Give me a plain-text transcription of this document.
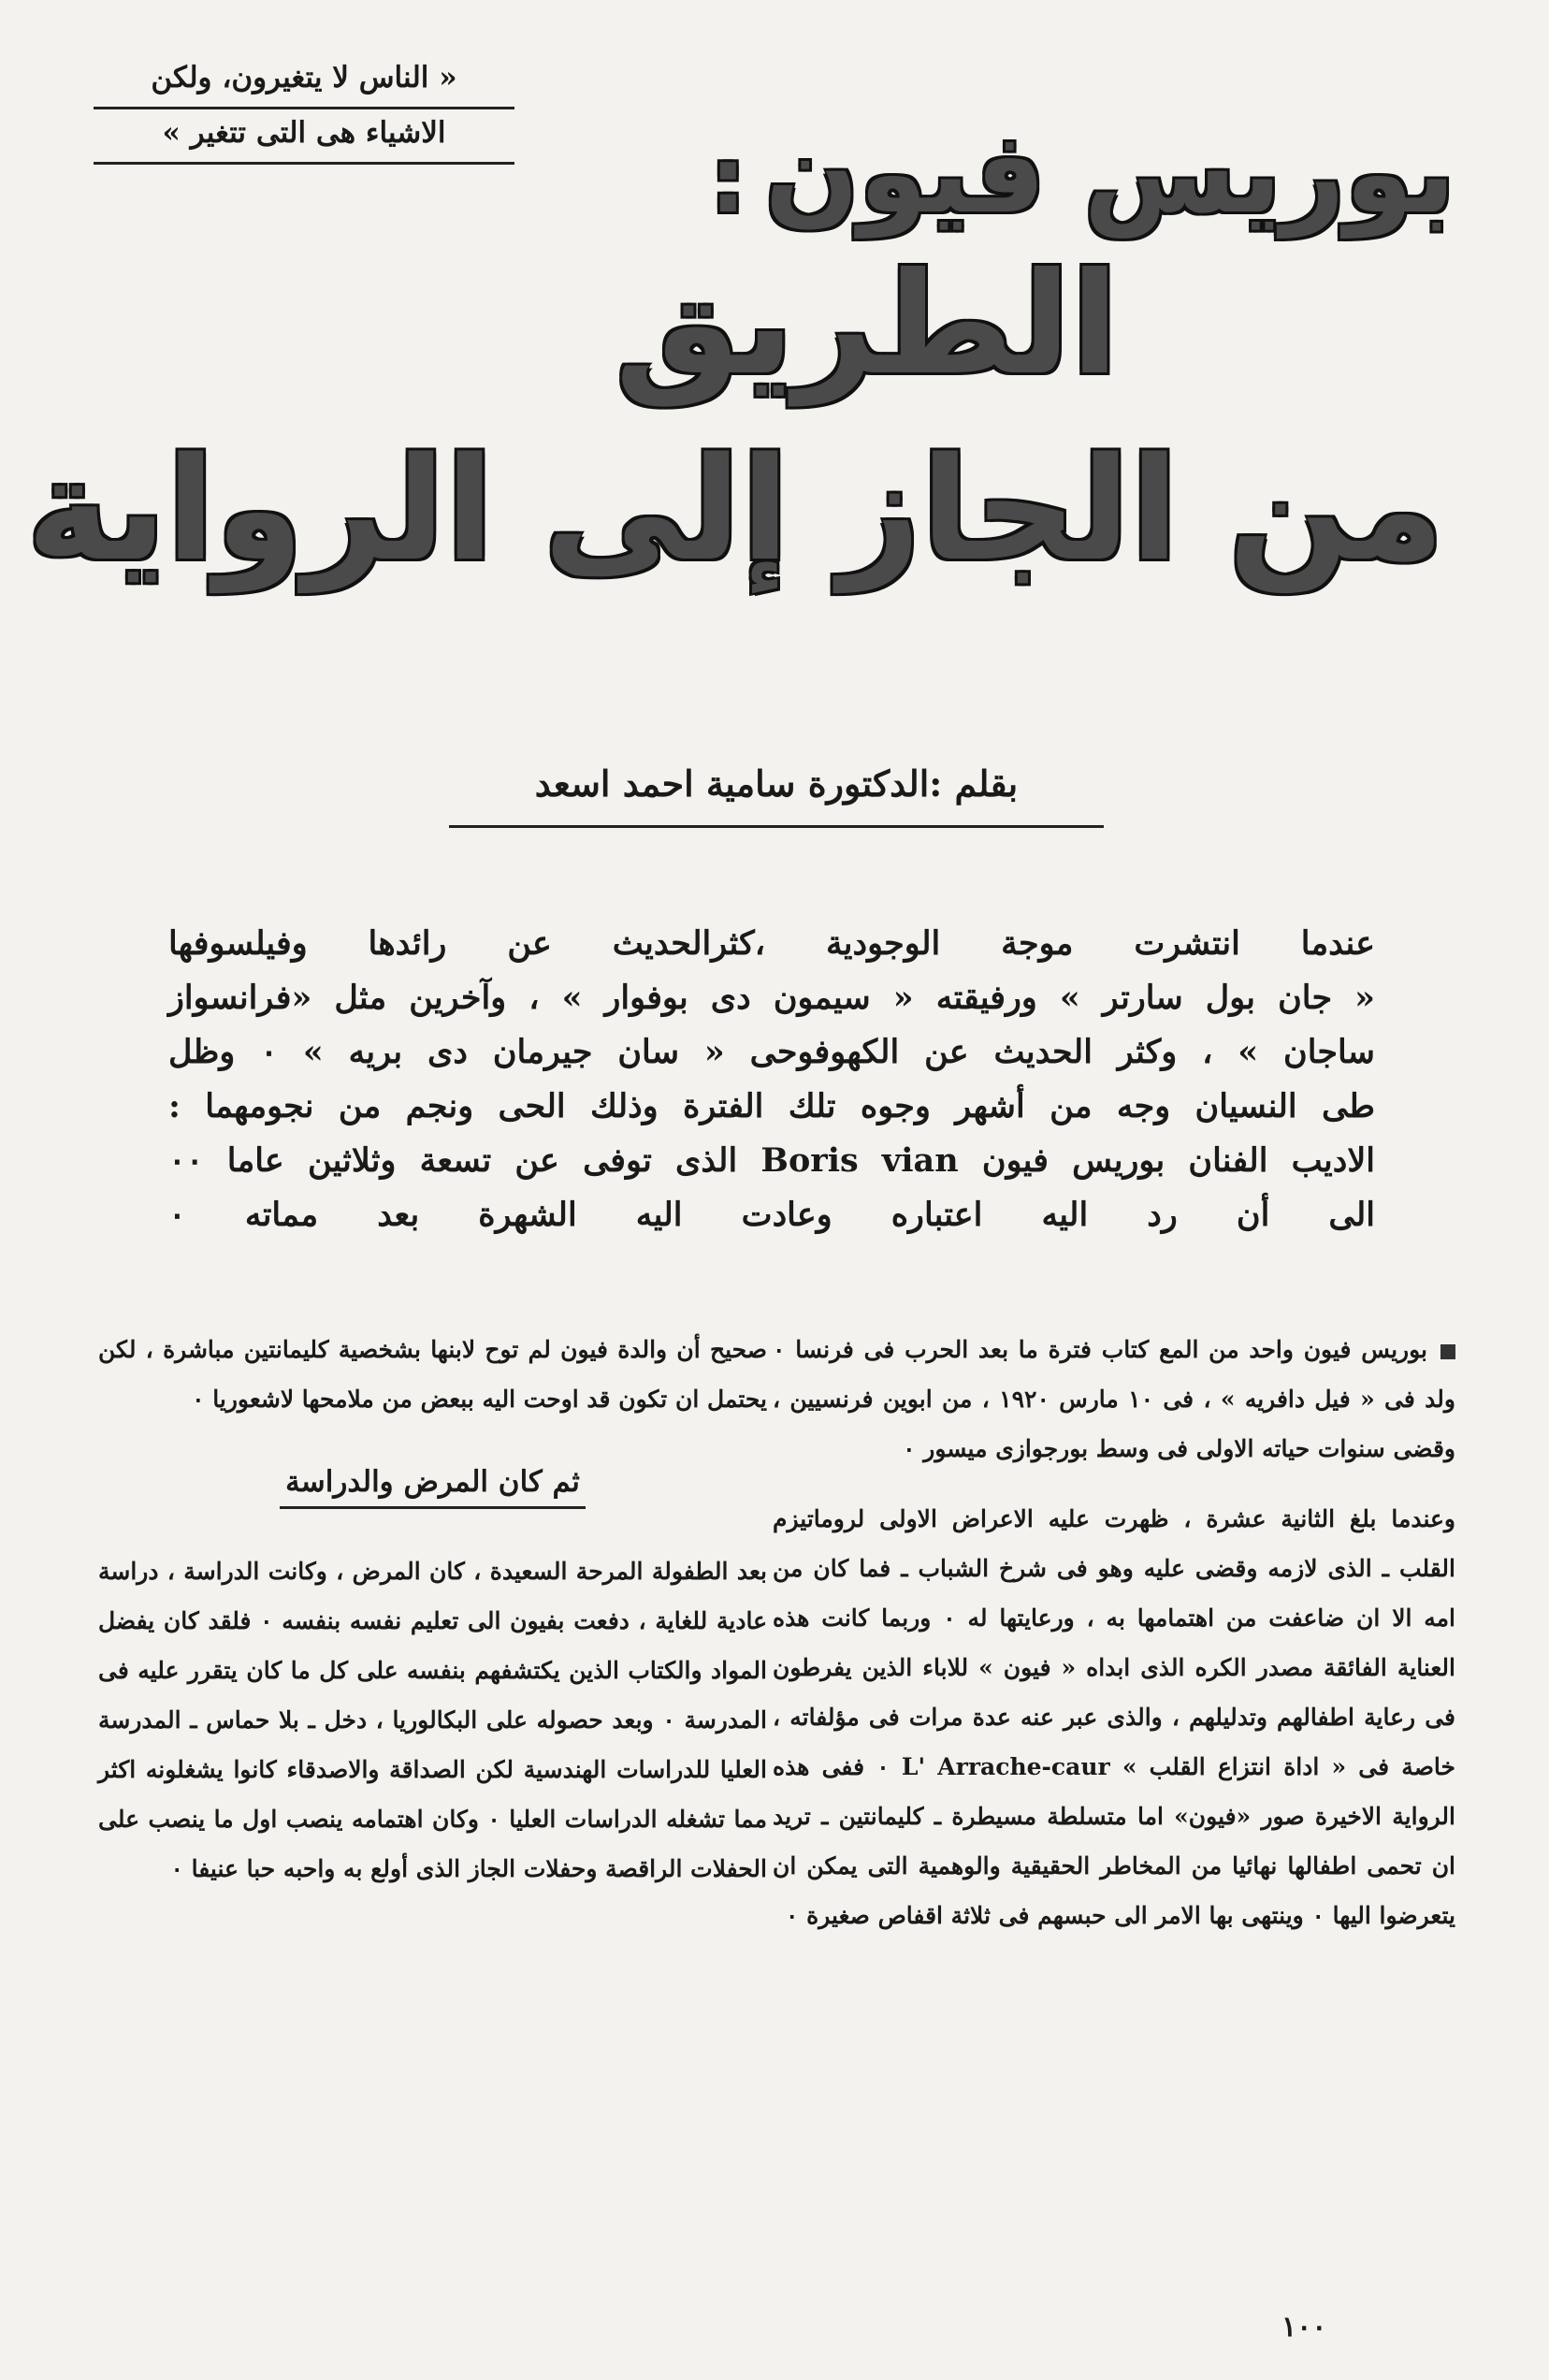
« الناس لا يتغيرون، ولكن
الاشياء هى التى تتغير »	بوريس فيون:
الطريق
من الجاز إلى الرواية
بقلم :الدكتورة سامية احمد اسعد
عندما انتشرت موجة الوجودية ،كثرالحديث عن رائدها وفيلسوفها
« جان بول سارتر » ورفيقته « سيمون دى بوفوار » ، وآخرين مثل «فرانسواز
ساجان » ، وكثر الحديث عن الكهوفوحى « سان جيرمان دى بريه » ٠ وظل
طى النسيان وجه من أشهر وجوه تلك الفترة وذلك الحى ونجم من نجومهما :
الاديب الفنان بوريس فيون Boris vian الذى توفى عن تسعة وثلاثين عاما ٠٠
الى أن رد اليه اعتباره وعادت اليه الشهرة بعد مماته ٠

بوريس فيون واحد من المع كتاب فترة ما بعد الحرب فى فرنسا ٠ ولد فى « فيل دافريه » ، فى ١٠ مارس ١٩٢٠ ، من ابوين فرنسيين ، وقضى سنوات حياته الاولى فى وسط بورجوازى ميسور ٠

وعندما بلغ الثانية عشرة ، ظهرت عليه الاعراض الاولى لروماتيزم القلب ـ الذى لازمه وقضى عليه وهو فى شرخ الشباب ـ فما كان من امه الا ان ضاعفت من اهتمامها به ، ورعايتها له ٠ وربما كانت هذه العناية الفائقة مصدر الكره الذى ابداه « فيون » للاباء الذين يفرطون فى رعاية اطفالهم وتدليلهم ، والذى عبر عنه عدة مرات فى مؤلفاته ، خاصة فى « اداة انتزاع القلب » L' Arrache-caur ٠ ففى هذه الرواية الاخيرة صور «فيون» اما متسلطة مسيطرة ـ كليمانتين ـ تريد ان تحمى اطفالها نهائيا من المخاطر الحقيقية والوهمية التى يمكن ان يتعرضوا اليها ٠ وينتهى بها الامر الى حبسهم فى ثلاثة اقفاص صغيرة ٠

صحيح أن والدة فيون لم توح لابنها بشخصية كليمانتين مباشرة ، لكن يحتمل ان تكون قد اوحت اليه ببعض من ملامحها لاشعوريا ٠

ثم كان المرض والدراسة

بعد الطفولة المرحة السعيدة ، كان المرض ، وكانت الدراسة ، دراسة عادية للغاية ، دفعت بفيون الى تعليم نفسه بنفسه ٠ فلقد كان يفضل المواد والكتاب الذين يكتشفهم بنفسه على كل ما كان يتقرر عليه فى المدرسة ٠ وبعد حصوله على البكالوريا ، دخل ـ بلا حماس ـ المدرسة العليا للدراسات الهندسية لكن الصداقة والاصدقاء كانوا يشغلونه اكثر مما تشغله الدراسات العليا ٠ وكان اهتمامه ينصب اول ما ينصب على الحفلات الراقصة وحفلات الجاز الذى أولع به واحبه حبا عنيفا ٠

١٠٠
